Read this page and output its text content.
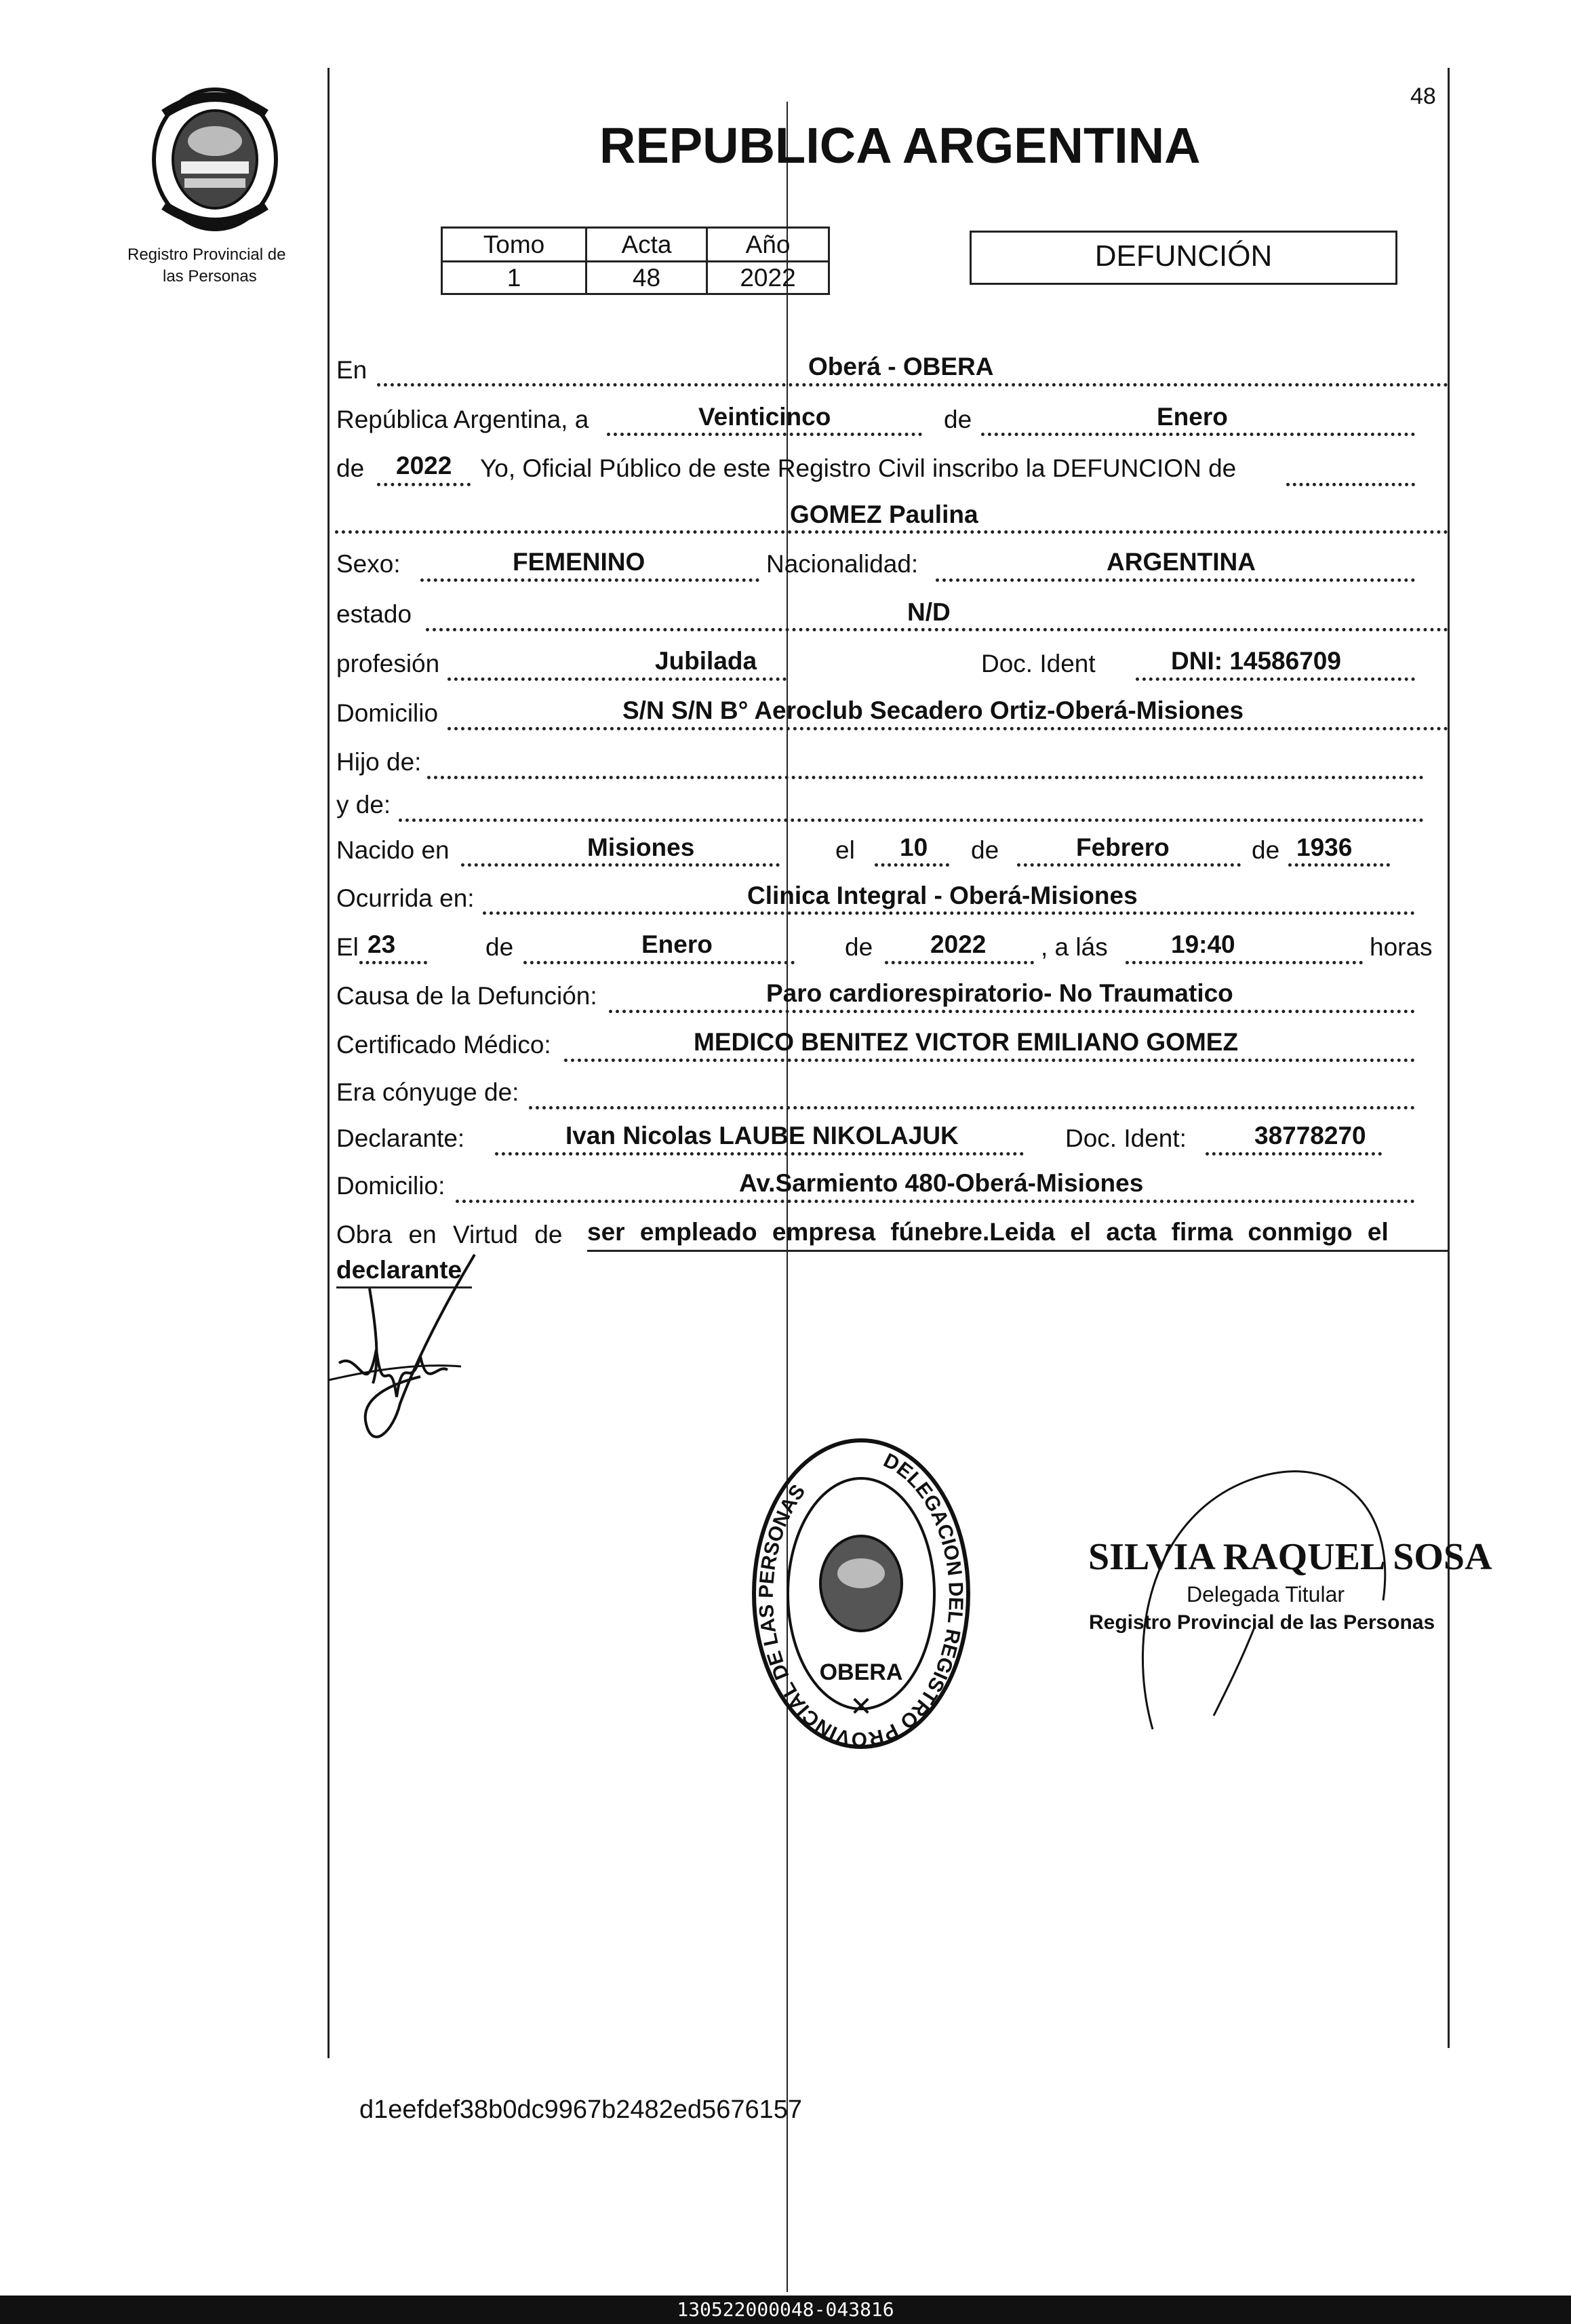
48
Registro Provincial de
las Personas
REPUBLICA ARGENTINA
Tomo	Acta	Año
1	48	2022
DEFUNCIÓN
En	Oberá - OBERA
República Argentina, a	Veinticinco	de	Enero
de 2022 Yo, Oficial Público de este Registro Civil inscribo la DEFUNCION de
GOMEZ Paulina
Sexo:	FEMENINO	Nacionalidad:	ARGENTINA
estado	N/D
profesión	Jubilada	Doc. Ident	DNI: 14586709
Domicilio	S/N S/N B° Aeroclub Secadero Ortiz-Oberá-Misiones
Hijo de:
y de:
Nacido en	Misiones	el 10 de	Febrero	de 1936
Ocurrida en:	Clinica Integral - Oberá-Misiones
El 23	de	Enero	de 2022 , a lás	19:40	horas
Causa de la Defunción:	Paro cardiorespiratorio- No Traumatico
Certificado Médico:	MEDICO BENITEZ VICTOR EMILIANO GOMEZ
Era cónyuge de:
Declarante:	Ivan Nicolas LAUBE NIKOLAJUK	Doc. Ident:	38778270
Domicilio:	Av.Sarmiento 480-Oberá-Misiones
Obra en Virtud de ser empleado empresa fúnebre.Leida el acta firma conmigo el
declarante
DELEGACION DEL REGISTRO PROVINCIAL DE LAS PERSONAS
OBERA
✕
SILVIA RAQUEL SOSA
Delegada Titular
Registro Provincial de las Personas
d1eefdef38b0dc9967b2482ed5676157
130522000048-043816
